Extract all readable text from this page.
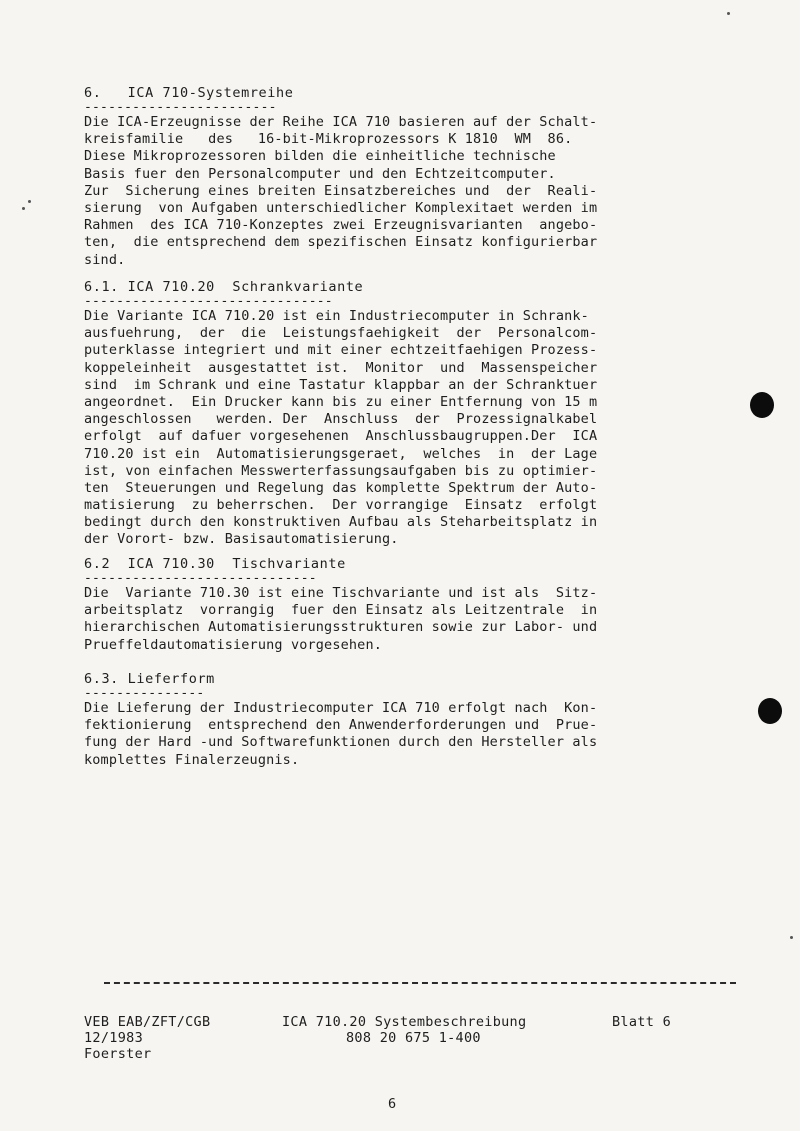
6.   ICA 710-Systemreihe

------------------------

Die ICA-Erzeugnisse der Reihe ICA 710 basieren auf der Schalt-

kreisfamilie   des   16-bit-Mikroprozessors K 1810  WM  86.

Diese Mikroprozessoren bilden die einheitliche technische

Basis fuer den Personalcomputer und den Echtzeitcomputer.

Zur  Sicherung eines breiten Einsatzbereiches und  der  Reali-

sierung  von Aufgaben unterschiedlicher Komplexitaet werden im

Rahmen  des ICA 710-Konzeptes zwei Erzeugnisvarianten  angebo-

ten,  die entsprechend dem spezifischen Einsatz konfigurierbar

sind.

6.1. ICA 710.20  Schrankvariante

-------------------------------

Die Variante ICA 710.20 ist ein Industriecomputer in Schrank-

ausfuehrung,  der  die  Leistungsfaehigkeit  der  Personalcom-

puterklasse integriert und mit einer echtzeitfaehigen Prozess-

koppeleinheit  ausgestattet ist.  Monitor  und  Massenspeicher

sind  im Schrank und eine Tastatur klappbar an der Schranktuer

angeordnet.  Ein Drucker kann bis zu einer Entfernung von 15 m

angeschlossen   werden. Der  Anschluss  der  Prozessignalkabel

erfolgt  auf dafuer vorgesehenen  Anschlussbaugruppen.Der  ICA

710.20 ist ein  Automatisierungsgeraet,  welches  in  der Lage

ist, von einfachen Messwerterfassungsaufgaben bis zu optimier-

ten  Steuerungen und Regelung das komplette Spektrum der Auto-

matisierung  zu beherrschen.  Der vorrangige  Einsatz  erfolgt

bedingt durch den konstruktiven Aufbau als Steharbeitsplatz in

der Vorort- bzw. Basisautomatisierung.

6.2  ICA 710.30  Tischvariante

-----------------------------

Die  Variante 710.30 ist eine Tischvariante und ist als  Sitz-

arbeitsplatz  vorrangig  fuer den Einsatz als Leitzentrale  in

hierarchischen Automatisierungsstrukturen sowie zur Labor- und

Prueffeldautomatisierung vorgesehen.

6.3. Lieferform

---------------

Die Lieferung der Industriecomputer ICA 710 erfolgt nach  Kon-

fektionierung  entsprechend den Anwenderforderungen und  Prue-

fung der Hard -und Softwarefunktionen durch den Hersteller als

komplettes Finalerzeugnis.

VEB EAB/ZFT/CGB
12/1983
Foerster
ICA 710.20 Systembeschreibung
808 20 675 1-400
Blatt 6
6
